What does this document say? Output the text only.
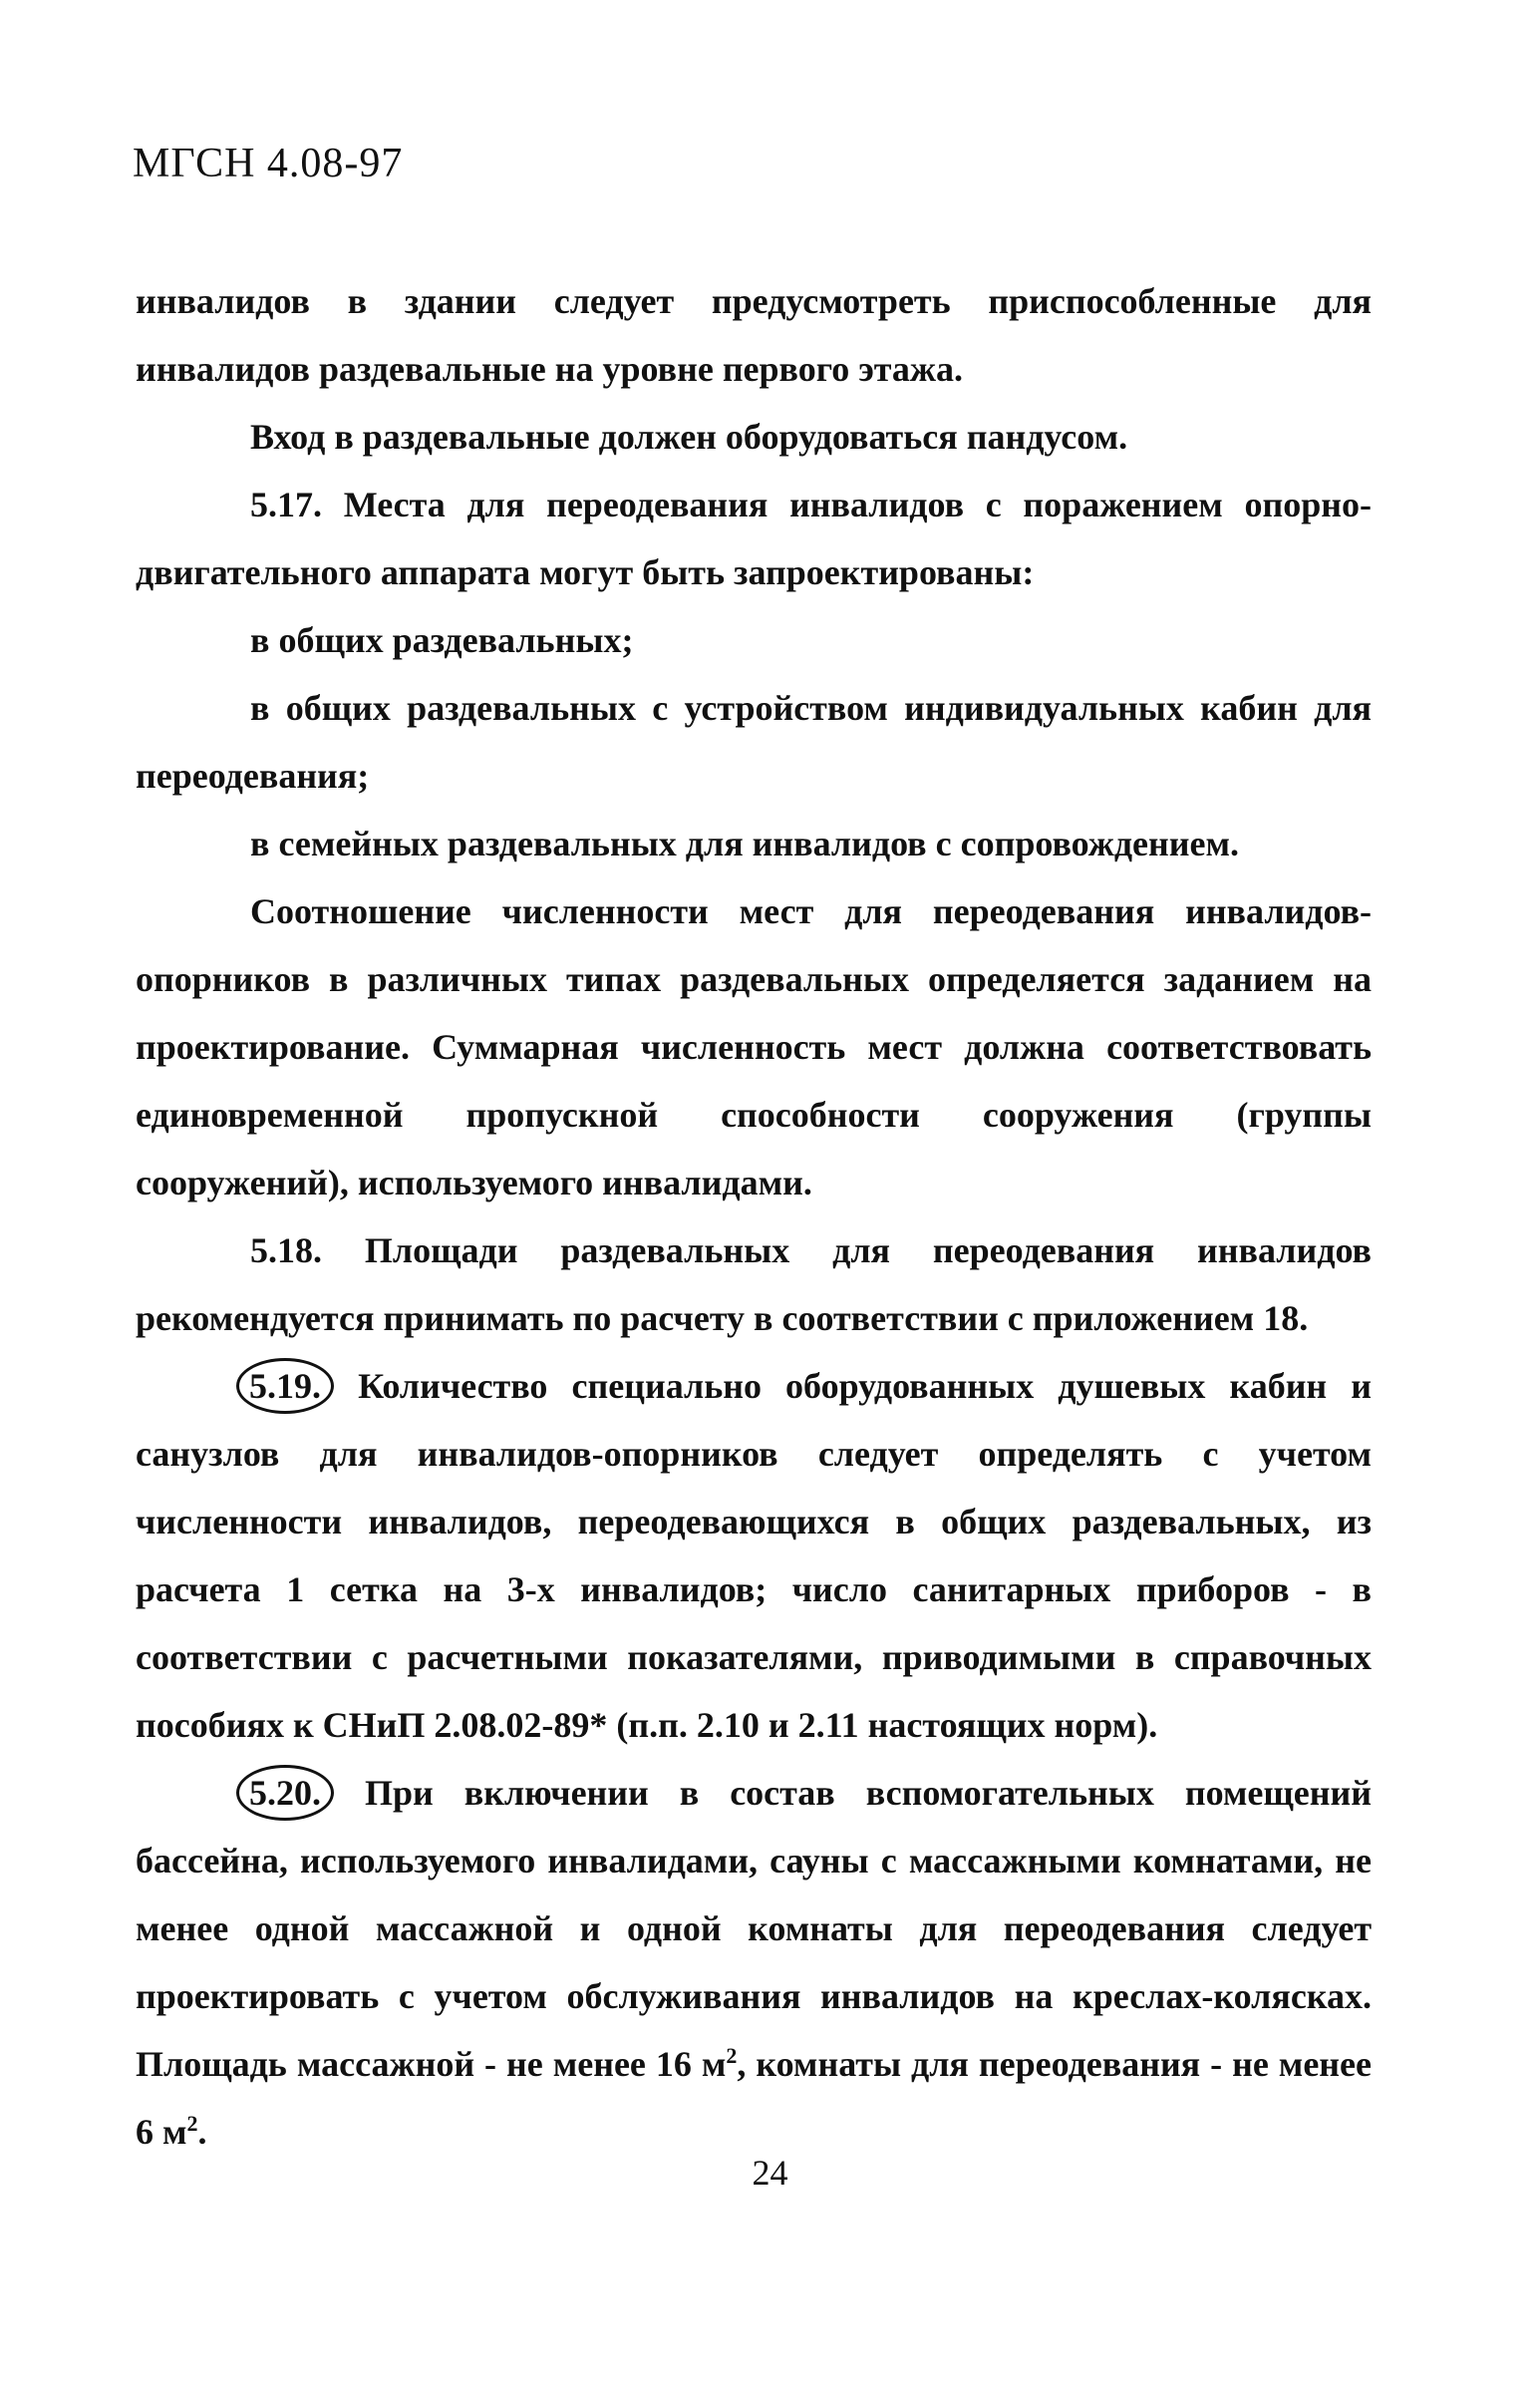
МГСН 4.08-97

инвалидов в здании следует предусмотреть приспособленные для инвалидов раздевальные на уровне первого этажа.

Вход в раздевальные должен оборудоваться пандусом.

5.17. Места для переодевания инвалидов с поражением опорно-двигательного аппарата могут быть запроектированы:

в общих раздевальных;

в общих раздевальных с устройством индивидуальных кабин для переодевания;

в семейных раздевальных для инвалидов с сопровождением.

Соотношение численности мест для переодевания инвалидов-опорников в различных типах раздевальных определяется заданием на проектирование. Суммарная численность мест должна соответствовать единовременной пропускной способности сооружения (группы сооружений), используемого инвалидами.

5.18. Площади раздевальных для переодевания инвалидов рекомендуется принимать по расчету в соответствии с приложением 18.

5.19. Количество специально оборудованных душевых кабин и санузлов для инвалидов-опорников следует определять с учетом численности инвалидов, переодевающихся в общих раздевальных, из расчета 1 сетка на 3-х инвалидов; число санитарных приборов - в соответствии с расчетными показателями, приводимыми в справочных пособиях к СНиП 2.08.02-89* (п.п. 2.10 и 2.11 настоящих норм).

5.20. При включении в состав вспомогательных помещений бассейна, используемого инвалидами, сауны с массажными комнатами, не менее одной массажной и одной комнаты для переодевания следует проектировать с учетом обслуживания инвалидов на креслах-колясках. Площадь массажной - не менее 16 $м^2$, комнаты для переодевания - не менее 6 $м^2$.

24
